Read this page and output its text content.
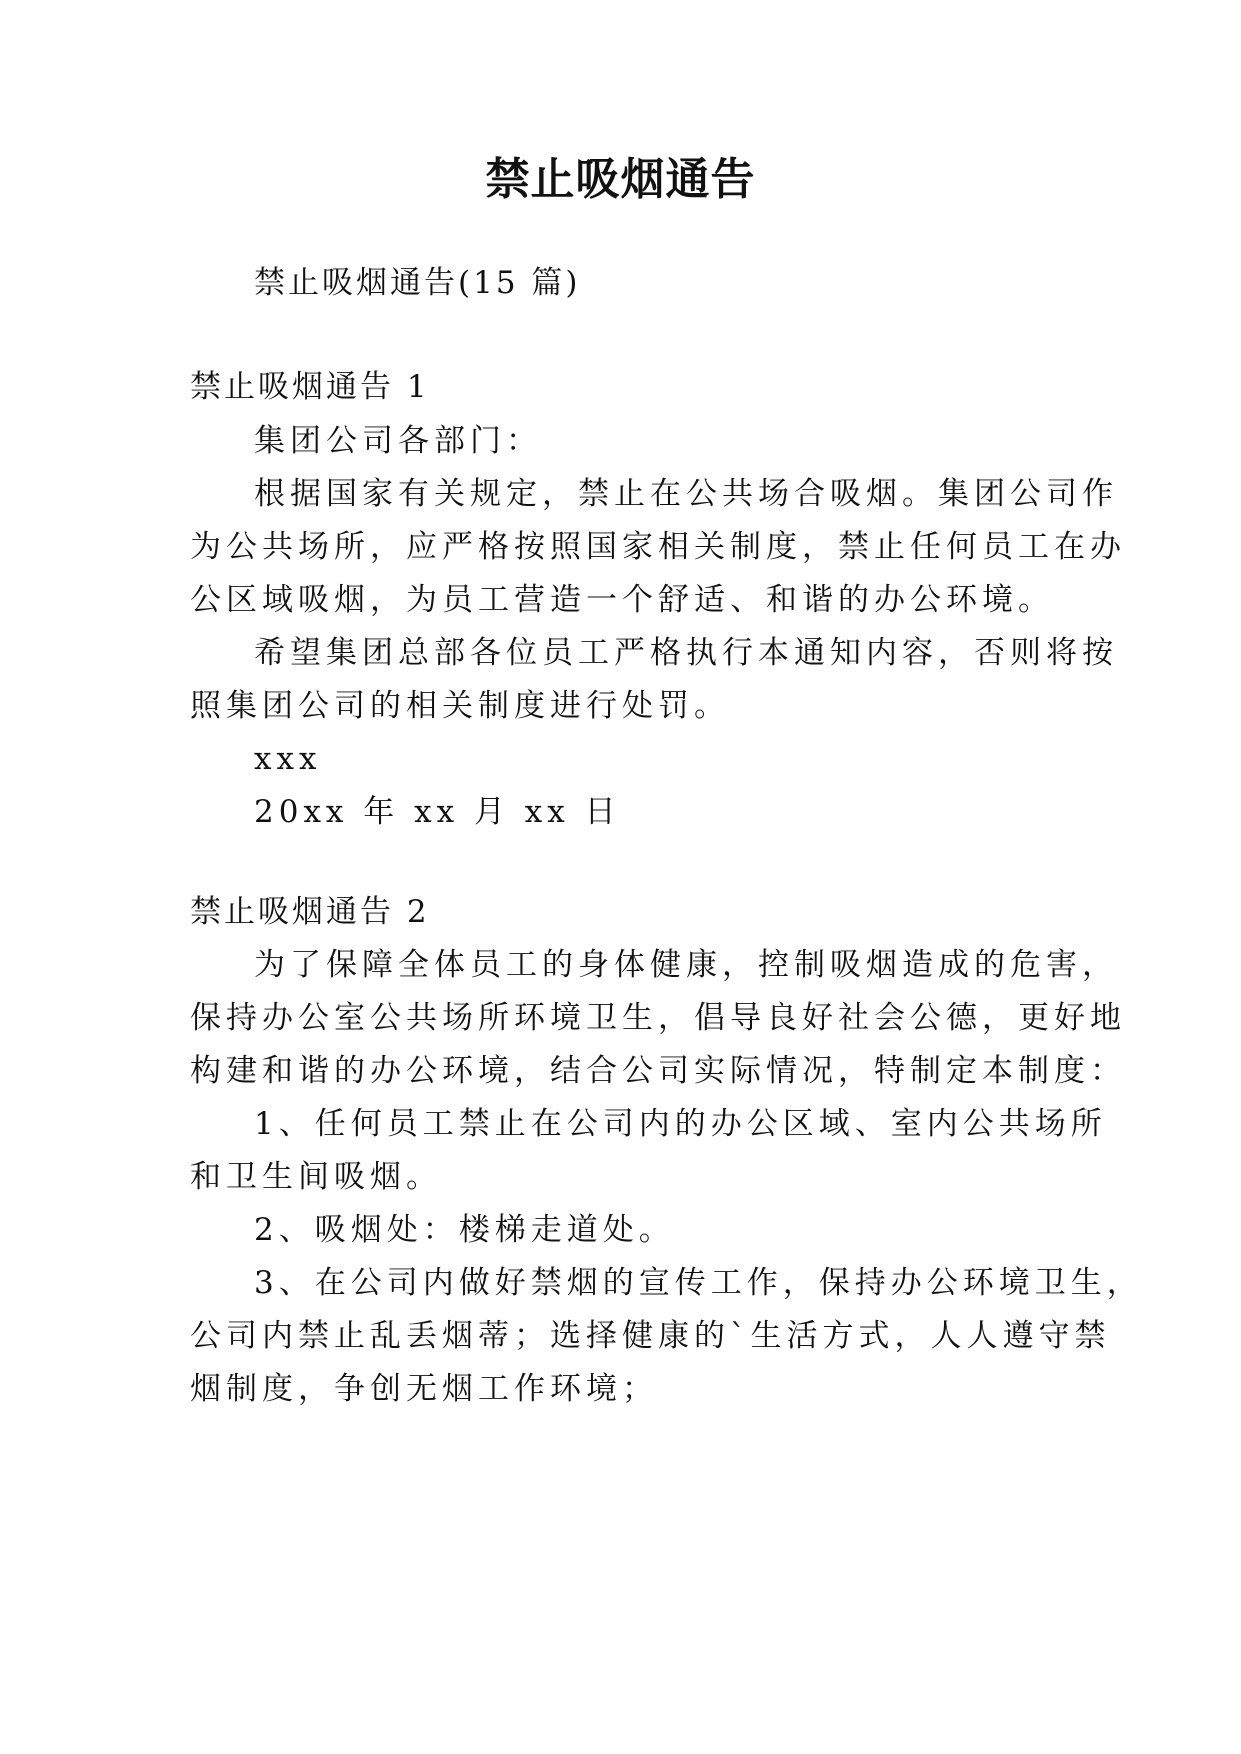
禁止吸烟通告
禁止吸烟通告(15 篇)
禁止吸烟通告 1
集团公司各部门：
根据国家有关规定，禁止在公共场合吸烟。集团公司作
为公共场所，应严格按照国家相关制度，禁止任何员工在办
公区域吸烟，为员工营造一个舒适、和谐的办公环境。
希望集团总部各位员工严格执行本通知内容，否则将按
照集团公司的相关制度进行处罚。
xxx
20xx 年 xx 月 xx 日
禁止吸烟通告 2
为了保障全体员工的身体健康，控制吸烟造成的危害，
保持办公室公共场所环境卫生，倡导良好社会公德，更好地
构建和谐的办公环境，结合公司实际情况，特制定本制度：
1、任何员工禁止在公司内的办公区域、室内公共场所
和卫生间吸烟。
2、吸烟处：楼梯走道处。
3、在公司内做好禁烟的宣传工作，保持办公环境卫生，
公司内禁止乱丢烟蒂；选择健康的`生活方式，人人遵守禁
烟制度，争创无烟工作环境；
